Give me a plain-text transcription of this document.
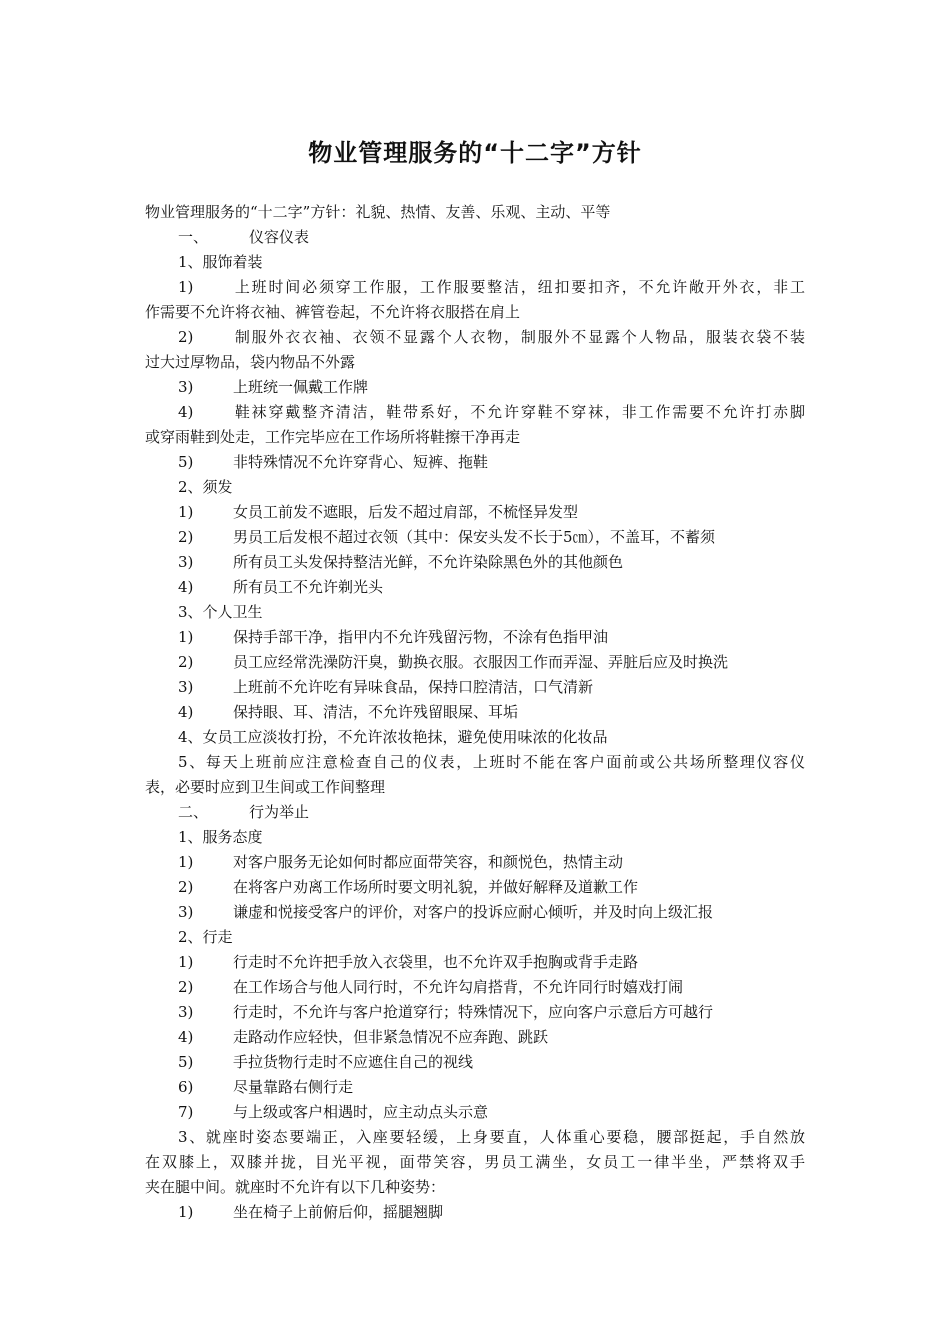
物业管理服务的“十二字”方针
物业管理服务的“十二字”方针：礼貌、热情、友善、乐观、主动、平等
一、	仪容仪表
1、服饰着装
1)	上班时间必须穿工作服，工作服要整洁，纽扣要扣齐，不允许敞开外衣，非工
作需要不允许将衣袖、裤管卷起，不允许将衣服搭在肩上
2)	制服外衣衣袖、衣领不显露个人衣物，制服外不显露个人物品，服装衣袋不装
过大过厚物品，袋内物品不外露
3)	上班统一佩戴工作牌
4)	鞋袜穿戴整齐清洁，鞋带系好，不允许穿鞋不穿袜，非工作需要不允许打赤脚
或穿雨鞋到处走，工作完毕应在工作场所将鞋擦干净再走
5)	非特殊情况不允许穿背心、短裤、拖鞋
2、须发
1)	女员工前发不遮眼，后发不超过肩部，不梳怪异发型
2)	男员工后发根不超过衣领（其中：保安头发不长于5㎝），不盖耳，不蓄须
3)	所有员工头发保持整洁光鲜，不允许染除黑色外的其他颜色
4)	所有员工不允许剃光头
3、个人卫生
1)	保持手部干净，指甲内不允许残留污物，不涂有色指甲油
2)	员工应经常洗澡防汗臭，勤换衣服。衣服因工作而弄湿、弄脏后应及时换洗
3)	上班前不允许吃有异味食品，保持口腔清洁，口气清新
4)	保持眼、耳、清洁，不允许残留眼屎、耳垢
4、女员工应淡妆打扮，不允许浓妆艳抹，避免使用味浓的化妆品
5、每天上班前应注意检查自己的仪表，上班时不能在客户面前或公共场所整理仪容仪
表，必要时应到卫生间或工作间整理
二、	行为举止
1、服务态度
1)	对客户服务无论如何时都应面带笑容，和颜悦色，热情主动
2)	在将客户劝离工作场所时要文明礼貌，并做好解释及道歉工作
3)	谦虚和悦接受客户的评价，对客户的投诉应耐心倾听，并及时向上级汇报
2、行走
1)	行走时不允许把手放入衣袋里，也不允许双手抱胸或背手走路
2)	在工作场合与他人同行时，不允许勾肩搭背，不允许同行时嬉戏打闹
3)	行走时，不允许与客户抢道穿行；特殊情况下，应向客户示意后方可越行
4)	走路动作应轻快，但非紧急情况不应奔跑、跳跃
5)	手拉货物行走时不应遮住自己的视线
6)	尽量靠路右侧行走
7)	与上级或客户相遇时，应主动点头示意
3、就座时姿态要端正，入座要轻缓，上身要直，人体重心要稳，腰部挺起，手自然放
在双膝上，双膝并拢，目光平视，面带笑容，男员工满坐，女员工一律半坐，严禁将双手
夹在腿中间。就座时不允许有以下几种姿势：
1)	坐在椅子上前俯后仰，摇腿翘脚
